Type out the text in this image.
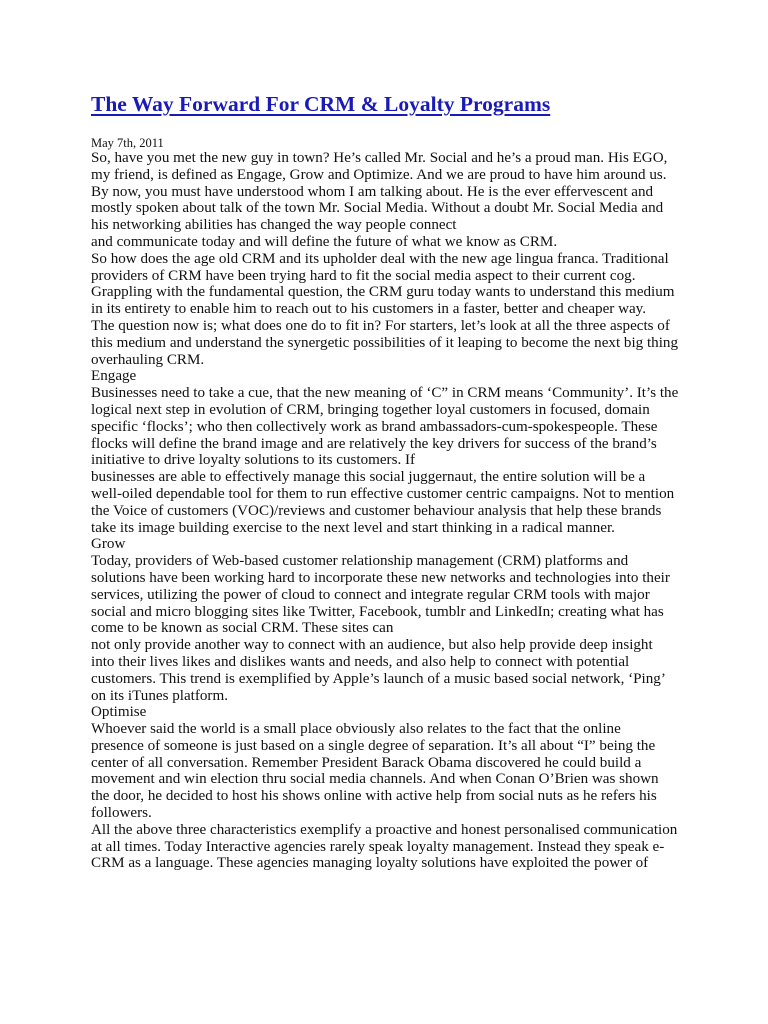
The Way Forward For CRM & Loyalty Programs
May 7th, 2011
So, have you met the new guy in town? He’s called Mr. Social and he’s a proud man. His EGO,
my friend, is defined as Engage, Grow and Optimize. And we are proud to have him around us.
By now, you must have understood whom I am talking about. He is the ever effervescent and
mostly spoken about talk of the town Mr. Social Media. Without a doubt Mr. Social Media and
his networking abilities has changed the way people connect
and communicate today and will define the future of what we know as CRM.
So how does the age old CRM and its upholder deal with the new age lingua franca. Traditional
providers of CRM have been trying hard to fit the social media aspect to their current cog.
Grappling with the fundamental question, the CRM guru today wants to understand this medium
in its entirety to enable him to reach out to his customers in a faster, better and cheaper way.
The question now is; what does one do to fit in? For starters, let’s look at all the three aspects of
this medium and understand the synergetic possibilities of it leaping to become the next big thing
overhauling CRM.
Engage
Businesses need to take a cue, that the new meaning of ‘C” in CRM means ‘Community’. It’s the
logical next step in evolution of CRM, bringing together loyal customers in focused, domain
specific ‘flocks’; who then collectively work as brand ambassadors-cum-spokespeople. These
flocks will define the brand image and are relatively the key drivers for success of the brand’s
initiative to drive loyalty solutions to its customers. If
businesses are able to effectively manage this social juggernaut, the entire solution will be a
well-oiled dependable tool for them to run effective customer centric campaigns. Not to mention
the Voice of customers (VOC)/reviews and customer behaviour analysis that help these brands
take its image building exercise to the next level and start thinking in a radical manner.
Grow
Today, providers of Web-based customer relationship management (CRM) platforms and
solutions have been working hard to incorporate these new networks and technologies into their
services, utilizing the power of cloud to connect and integrate regular CRM tools with major
social and micro blogging sites like Twitter, Facebook, tumblr and LinkedIn; creating what has
come to be known as social CRM. These sites can
not only provide another way to connect with an audience, but also help provide deep insight
into their lives likes and dislikes wants and needs, and also help to connect with potential
customers. This trend is exemplified by Apple’s launch of a music based social network, ‘Ping’
on its iTunes platform.
Optimise
Whoever said the world is a small place obviously also relates to the fact that the online
presence of someone is just based on a single degree of separation. It’s all about “I” being the
center of all conversation. Remember President Barack Obama discovered he could build a
movement and win election thru social media channels. And when Conan O’Brien was shown
the door, he decided to host his shows online with active help from social nuts as he refers his
followers.
All the above three characteristics exemplify a proactive and honest personalised communication
at all times. Today Interactive agencies rarely speak loyalty management. Instead they speak e-
CRM as a language. These agencies managing loyalty solutions have exploited the power of
